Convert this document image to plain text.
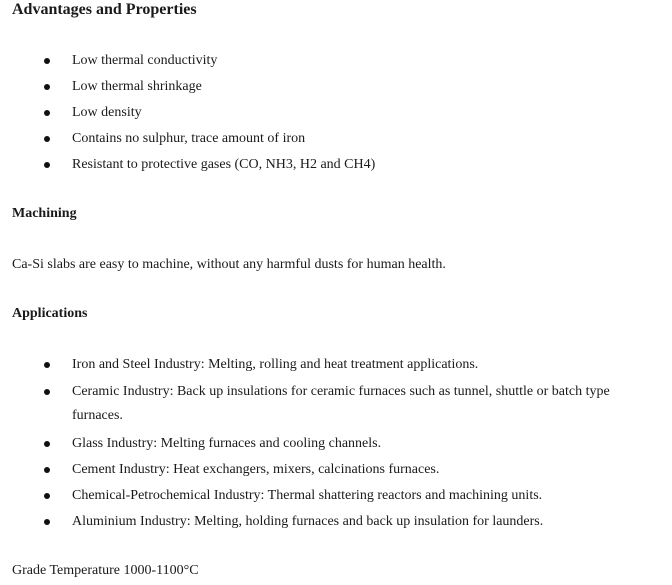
Advantages and Properties
Low thermal conductivity
Low thermal shrinkage
Low density
Contains no sulphur, trace amount of iron
Resistant to protective gases (CO, NH3, H2 and CH4)
Machining
Ca-Si slabs are easy to machine, without any harmful dusts for human health.
Applications
Iron and Steel Industry: Melting, rolling and heat treatment applications.
Ceramic Industry: Back up insulations for ceramic furnaces such as tunnel, shuttle or batch type
furnaces.
Glass Industry: Melting furnaces and cooling channels.
Cement Industry: Heat exchangers, mixers, calcinations furnaces.
Chemical-Petrochemical Industry: Thermal shattering reactors and machining units.
Aluminium Industry: Melting, holding furnaces and back up insulation for launders.
Grade Temperature 1000-1100°C
